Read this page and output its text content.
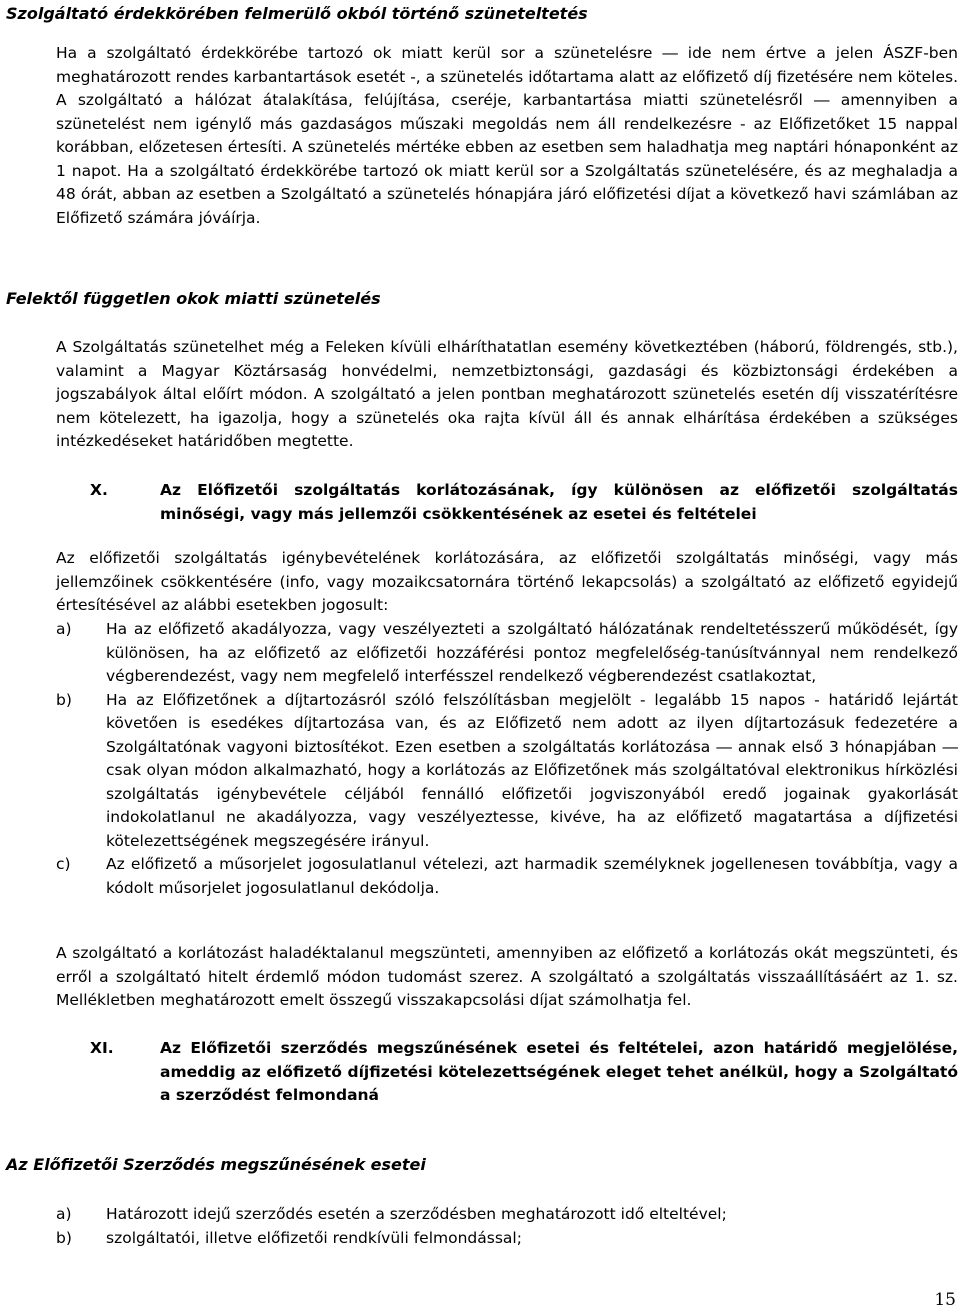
Szolgáltató érdekkörében felmerülő okból történő szüneteltetés

Ha a szolgáltató érdekkörébe tartozó ok miatt kerül sor a szünetelésre ― ide nem értve a jelen ÁSZF-ben meghatározott rendes karbantartások esetét -, a szünetelés időtartama alatt az előfizető díj fizetésére nem köteles. A szolgáltató a hálózat átalakítása, felújítása, cseréje, karbantartása miatti szünetelésről ― amennyiben a szünetelést nem igénylő más gazdaságos műszaki megoldás nem áll rendelkezésre - az Előfizetőket 15 nappal korábban, előzetesen értesíti. A szünetelés mértéke ebben az esetben sem haladhatja meg naptári hónaponként az 1 napot. Ha a szolgáltató érdekkörébe tartozó ok miatt kerül sor a Szolgáltatás szünetelésére, és az meghaladja a 48 órát, abban az esetben a Szolgáltató a szünetelés hónapjára járó előfizetési díjat a következő havi számlában az Előfizető számára jóváírja.

Felektől független okok miatti szünetelés

A Szolgáltatás szünetelhet még a Feleken kívüli elháríthatatlan esemény következtében (háború, földrengés, stb.), valamint a Magyar Köztársaság honvédelmi, nemzetbiztonsági, gazdasági és közbiztonsági érdekében a jogszabályok által előírt módon. A szolgáltató a jelen pontban meghatározott szünetelés esetén díj visszatérítésre nem kötelezett, ha igazolja, hogy a szünetelés oka rajta kívül áll és annak elhárítása érdekében a szükséges intézkedéseket határidőben megtette.

X.	Az Előfizetői szolgáltatás korlátozásának, így különösen az előfizetői szolgáltatás minőségi, vagy más jellemzői csökkentésének az esetei és feltételei

Az előfizetői szolgáltatás igénybevételének korlátozására, az előfizetői szolgáltatás minőségi, vagy más jellemzőinek csökkentésére (info, vagy mozaikcsatornára történő lekapcsolás) a szolgáltató az előfizető egyidejű értesítésével az alábbi esetekben jogosult:

a)	Ha az előfizető akadályozza, vagy veszélyezteti a szolgáltató hálózatának rendeltetésszerű működését, így különösen, ha az előfizető az előfizetői hozzáférési pontoz megfelelőség-tanúsítvánnyal nem rendelkező végberendezést, vagy nem megfelelő interfésszel rendelkező végberendezést csatlakoztat,
b)	Ha az Előfizetőnek a díjtartozásról szóló felszólításban megjelölt - legalább 15 napos - határidő lejártát követően is esedékes díjtartozása van, és az Előfizető nem adott az ilyen díjtartozásuk fedezetére a Szolgáltatónak vagyoni biztosítékot. Ezen esetben a szolgáltatás korlátozása ― annak első 3 hónapjában ― csak olyan módon alkalmazható, hogy a korlátozás az Előfizetőnek más szolgáltatóval elektronikus hírközlési szolgáltatás igénybevétele céljából fennálló előfizetői jogviszonyából eredő jogainak gyakorlását indokolatlanul ne akadályozza, vagy veszélyeztesse, kivéve, ha az előfizető magatartása a díjfizetési kötelezettségének megszegésére irányul.
c)	Az előfizető a műsorjelet jogosulatlanul vételezi, azt harmadik személyknek jogellenesen továbbítja, vagy a kódolt műsorjelet jogosulatlanul dekódolja.

A szolgáltató a korlátozást haladéktalanul megszünteti, amennyiben az előfizető a korlátozás okát megszünteti, és erről a szolgáltató hitelt érdemlő módon tudomást szerez. A szolgáltató a szolgáltatás visszaállításáért az 1. sz. Mellékletben meghatározott emelt összegű visszakapcsolási díjat számolhatja fel.

XI.	Az Előfizetői szerződés megszűnésének esetei és feltételei, azon határidő megjelölése, ameddig az előfizető díjfizetési kötelezettségének eleget tehet anélkül, hogy a Szolgáltató a szerződést felmondaná
Az Előfizetői Szerződés megszűnésének esetei
a)	Határozott idejű szerződés esetén a szerződésben meghatározott idő elteltével;
b)	szolgáltatói, illetve előfizetői rendkívüli felmondással;
15
